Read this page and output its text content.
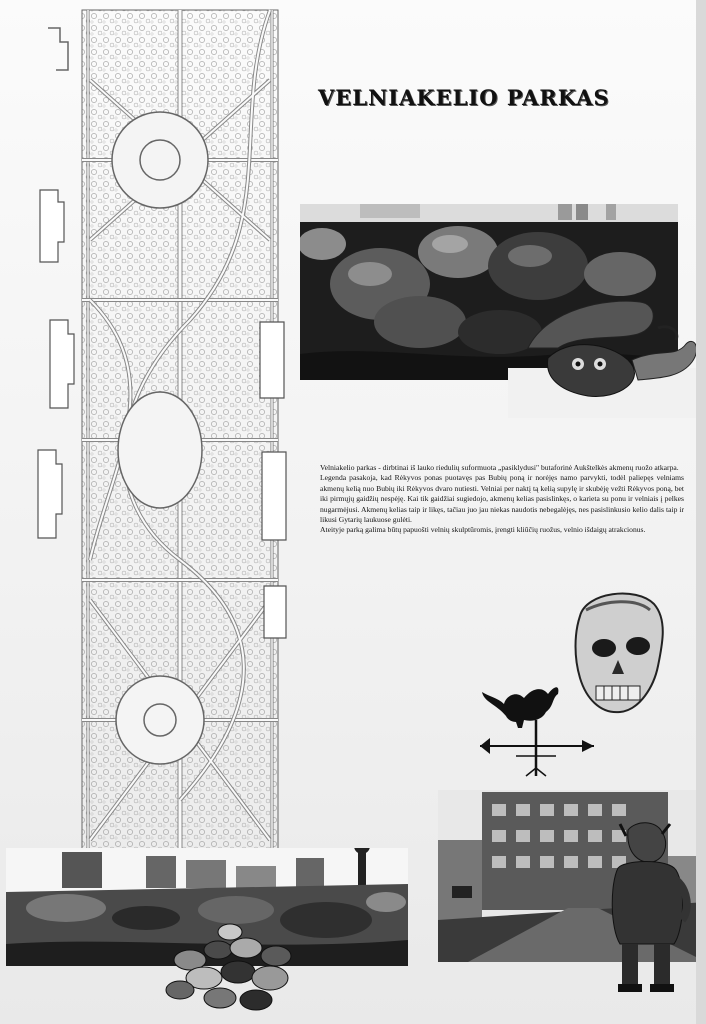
VELNIAKELIO PARKAS

Velniakelio parkas - dirbtinai iš lauko riedulių suformuota „pasiklydusi" butaforinė Aukštelkės akmenų ruožo atkarpa.

Legenda pasakoja, kad Rėkyvos ponas puotavęs pas Bubių poną ir norėjęs namo parvykti, todėl paliepęs velniams akmenų kelią nuo Bubių iki Rėkyvos dvaro nutiesti. Velniai per naktį tą kelią supylę ir skubėję vežti Rėkyvos poną, bet iki pirmųjų gaidžių nespėję. Kai tik gaidžiai sugiedojo, akmenų kelias pasislinkęs, o karieta su ponu ir velniais į pelkes nugarmėjusi. Akmenų kelias taip ir likęs, tačiau juo jau niekas naudotis nebegalėjęs, nes pasislinkusio kelio dalis taip ir likusi Gytarių laukuose gulėti.

Ateityje parką galima būtų papuošti velnių skulptūromis, įrengti kliūčių ruožus, velnio išdaigų atrakcionus.
